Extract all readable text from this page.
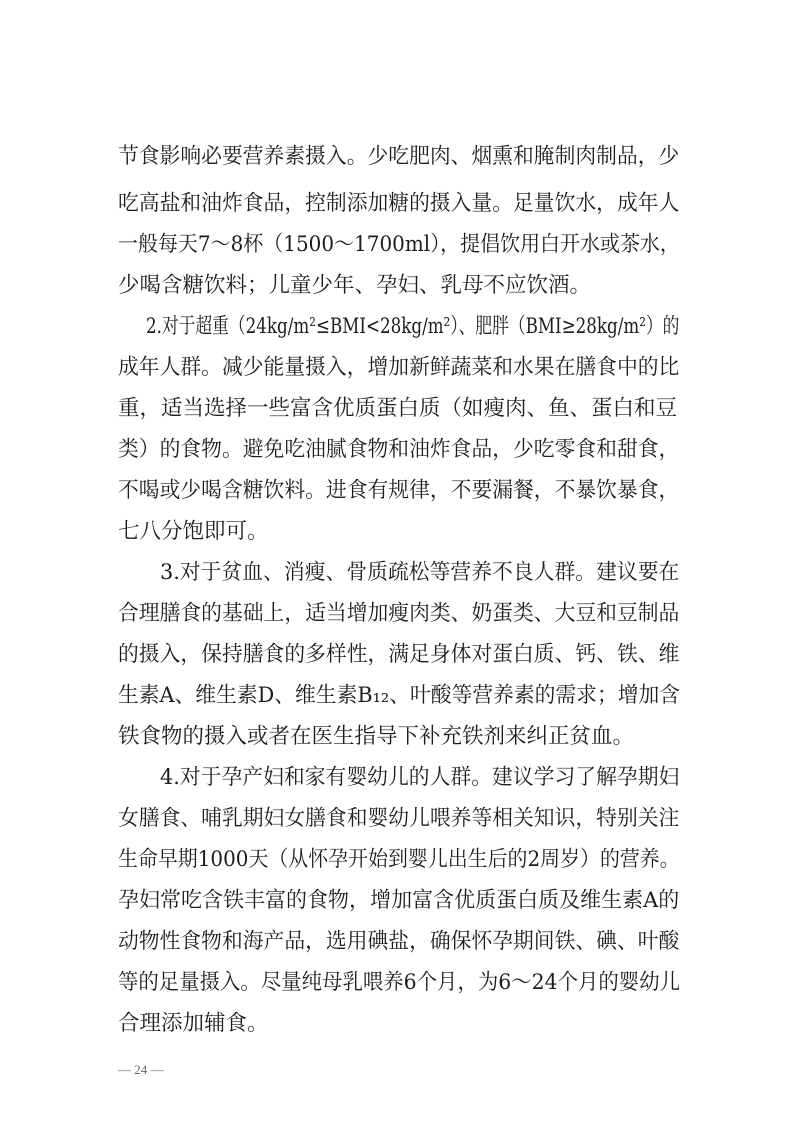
节食影响必要营养素摄入。少吃肥肉、烟熏和腌制肉制品，少
吃高盐和油炸食品，控制添加糖的摄入量。足量饮水，成年人
一般每天7～8杯（1500～1700ml），提倡饮用白开水或茶水，
少喝含糖饮料；儿童少年、孕妇、乳母不应饮酒。
2.对于超重（24kg/m²≤BMI<28kg/m²）、肥胖（BMI≥28kg/m²）的
成年人群。减少能量摄入，增加新鲜蔬菜和水果在膳食中的比
重，适当选择一些富含优质蛋白质（如瘦肉、鱼、蛋白和豆
类）的食物。避免吃油腻食物和油炸食品，少吃零食和甜食，
不喝或少喝含糖饮料。进食有规律，不要漏餐，不暴饮暴食，
七八分饱即可。
3.对于贫血、消瘦、骨质疏松等营养不良人群。建议要在
合理膳食的基础上，适当增加瘦肉类、奶蛋类、大豆和豆制品
的摄入，保持膳食的多样性，满足身体对蛋白质、钙、铁、维
生素A、维生素D、维生素B₁₂、叶酸等营养素的需求；增加含
铁食物的摄入或者在医生指导下补充铁剂来纠正贫血。
4.对于孕产妇和家有婴幼儿的人群。建议学习了解孕期妇
女膳食、哺乳期妇女膳食和婴幼儿喂养等相关知识，特别关注
生命早期1000天（从怀孕开始到婴儿出生后的2周岁）的营养。
孕妇常吃含铁丰富的食物，增加富含优质蛋白质及维生素A的
动物性食物和海产品，选用碘盐，确保怀孕期间铁、碘、叶酸
等的足量摄入。尽量纯母乳喂养6个月，为6～24个月的婴幼儿
合理添加辅食。
— 24 —
